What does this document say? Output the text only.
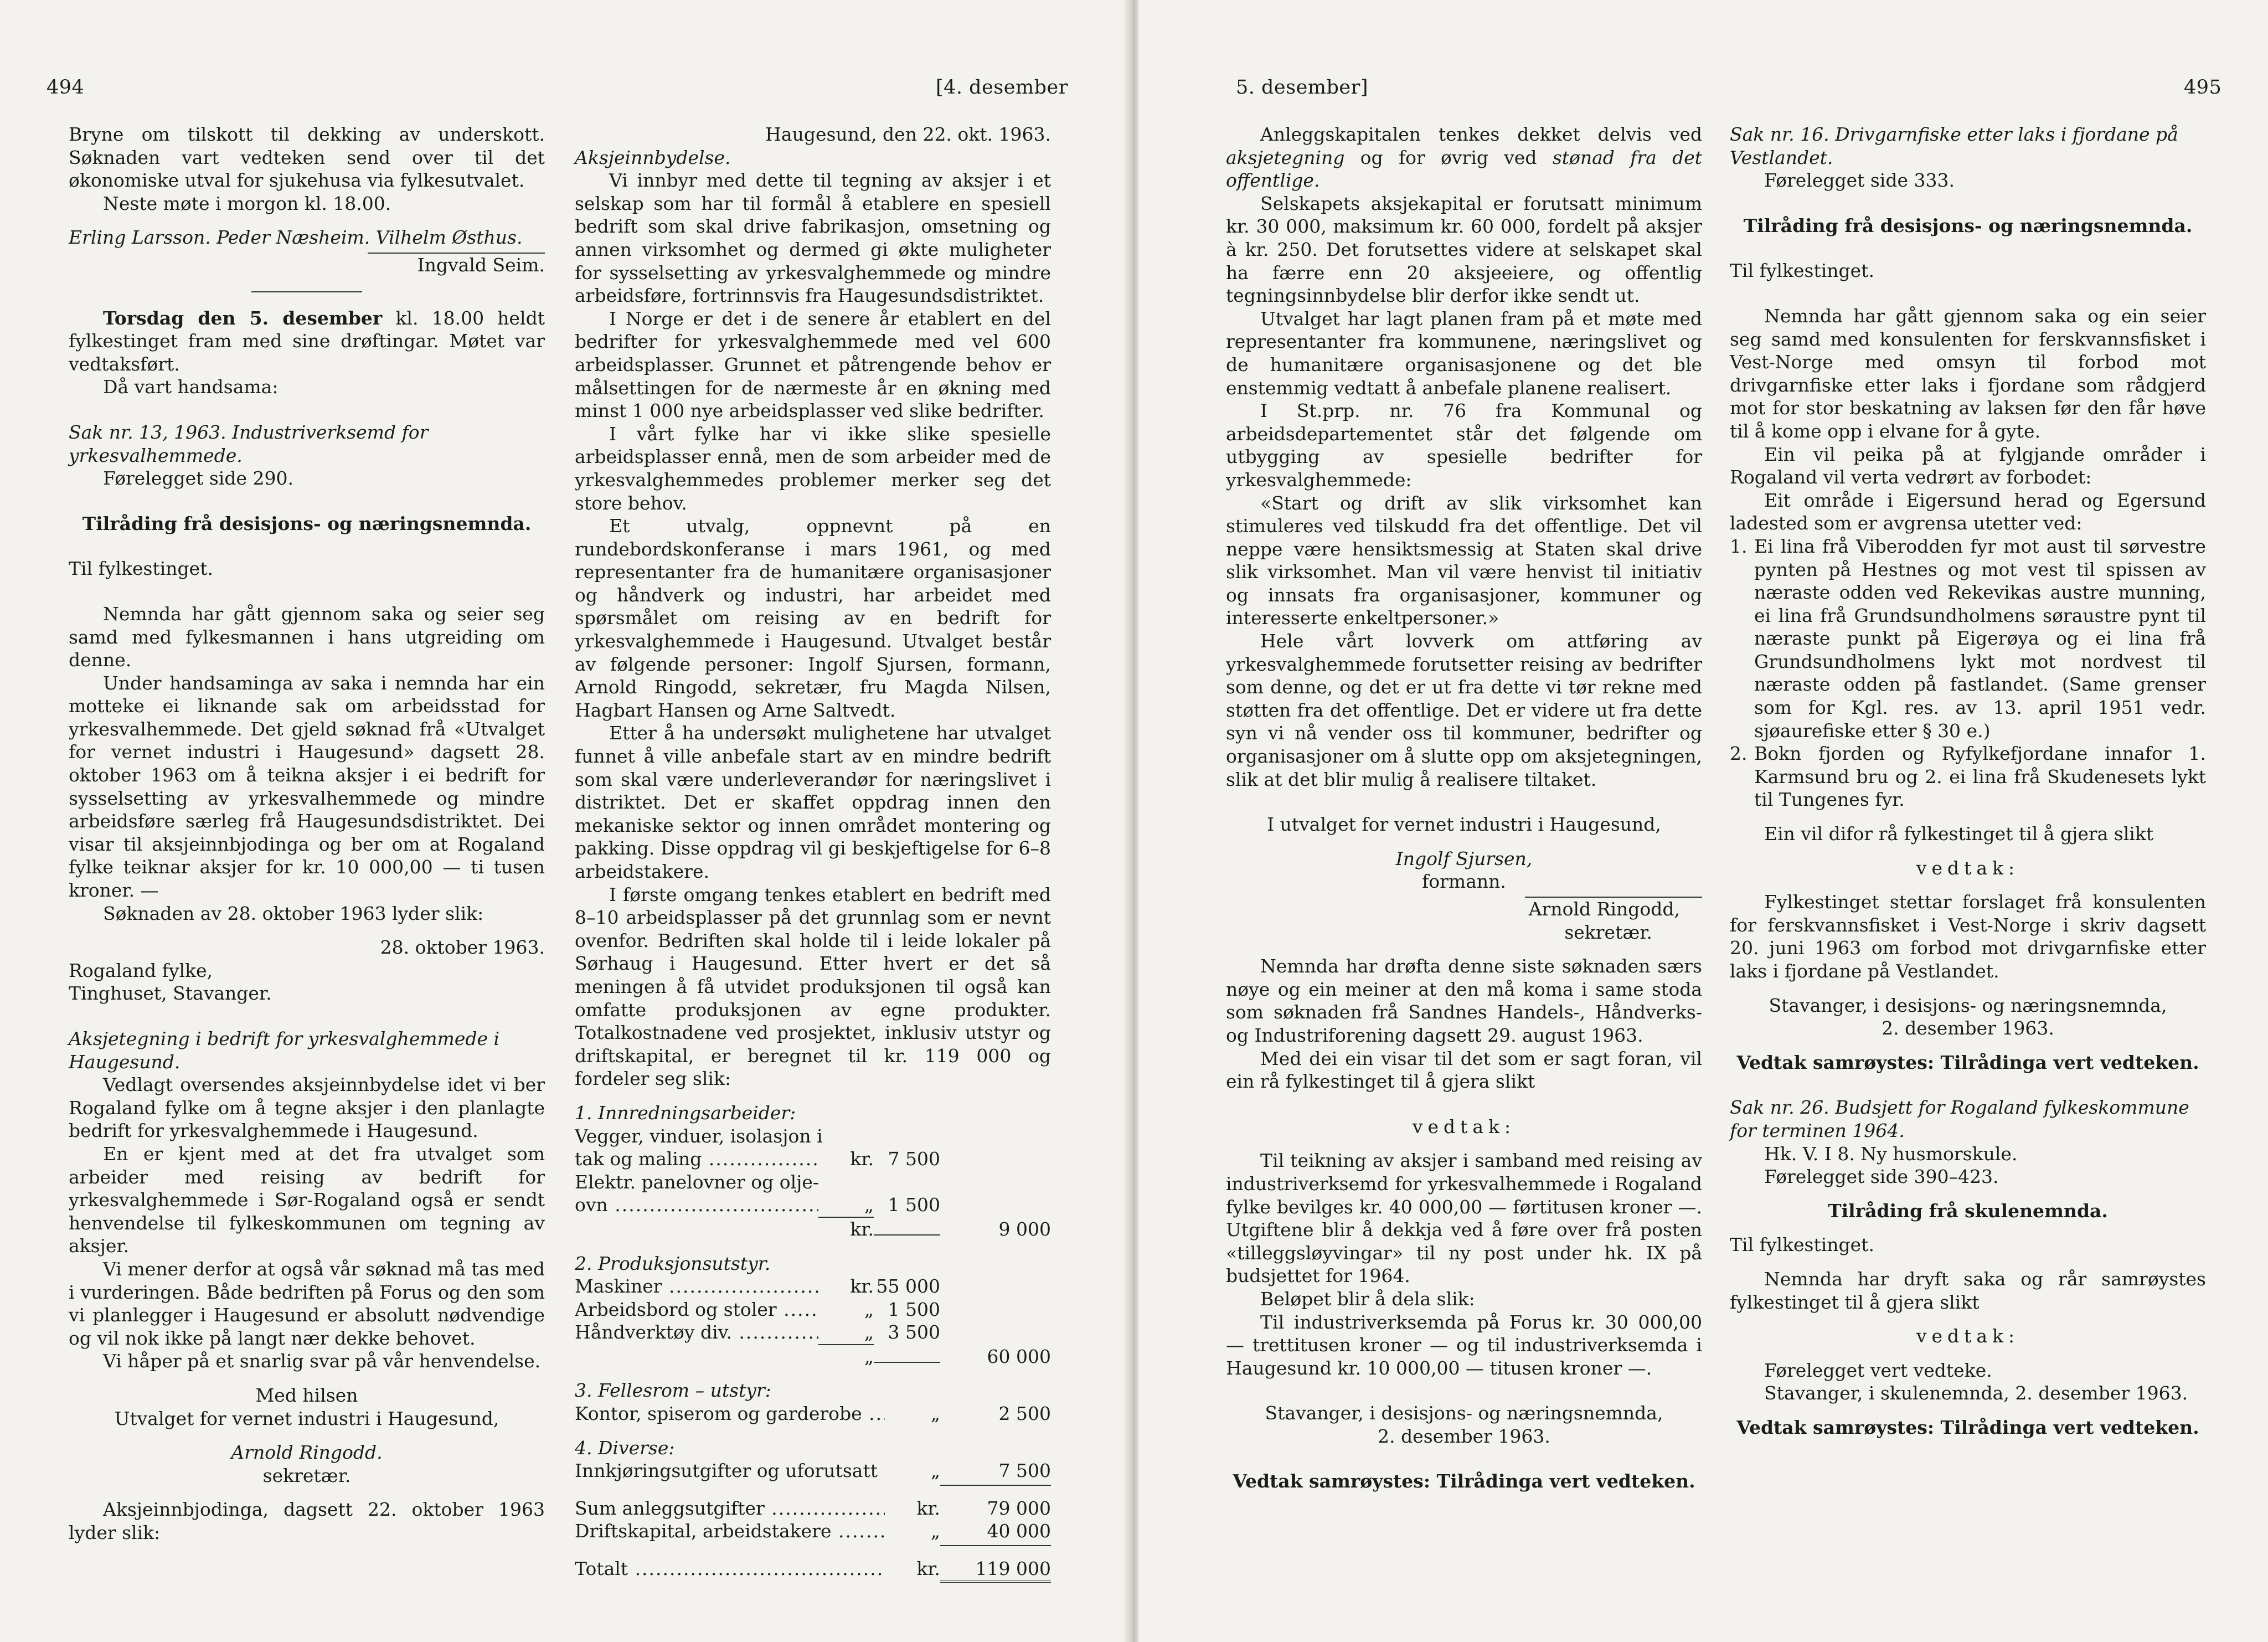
494	[4. desember

Bryne om tilskott til dekking av underskott. Søknaden vart vedteken send over til det økonomiske utval for sjukehusa via fylkesutvalet.

Neste møte i morgon kl. 18.00.

Erling Larsson. Peder Næsheim. Vilhelm Østhus.

Ingvald Seim.

Torsdag den 5. desember kl. 18.00 heldt fylkestinget fram med sine drøftingar. Møtet var vedtaksført.

Då vart handsama:

Sak nr. 13, 1963. Industriverksemd for yrkesvalhemmede.

Førelegget side 290.

Tilråding frå desisjons- og næringsnemnda.

Til fylkestinget.

Nemnda har gått gjennom saka og seier seg samd med fylkesmannen i hans utgreiding om denne.

Under handsaminga av saka i nemnda har ein motteke ei liknande sak om arbeidsstad for yrkesvalhemmede. Det gjeld søknad frå «Utvalget for vernet industri i Haugesund» dagsett 28. oktober 1963 om å teikna aksjer i ei bedrift for sysselsetting av yrkesvalhemmede og mindre arbeidsføre særleg frå Haugesundsdistriktet. Dei visar til aksjeinnbjodinga og ber om at Rogaland fylke teiknar aksjer for kr. 10 000,00 — ti tusen kroner. —

Søknaden av 28. oktober 1963 lyder slik:

28. oktober 1963.

Rogaland fylke,

Tinghuset, Stavanger.

Aksjetegning i bedrift for yrkesvalghemmede i Haugesund.

Vedlagt oversendes aksjeinnbydelse idet vi ber Rogaland fylke om å tegne aksjer i den planlagte bedrift for yrkesvalghemmede i Haugesund.

En er kjent med at det fra utvalget som arbeider med reising av bedrift for yrkesvalghemmede i Sør-Rogaland også er sendt henvendelse til fylkeskommunen om tegning av aksjer.

Vi mener derfor at også vår søknad må tas med i vurderingen. Både bedriften på Forus og den som vi planlegger i Haugesund er absolutt nødvendige og vil nok ikke på langt nær dekke behovet.

Vi håper på et snarlig svar på vår henvendelse.

Med hilsen

Utvalget for vernet industri i Haugesund,

Arnold Ringodd.

sekretær.

Aksjeinnbjodinga, dagsett 22. oktober 1963 lyder slik:

Haugesund, den 22. okt. 1963.

Aksjeinnbydelse.

Vi innbyr med dette til tegning av aksjer i et selskap som har til formål å etablere en spesiell bedrift som skal drive fabrikasjon, omsetning og annen virksomhet og dermed gi økte muligheter for sysselsetting av yrkesvalghemmede og mindre arbeidsføre, fortrinnsvis fra Haugesundsdistriktet.

I Norge er det i de senere år etablert en del bedrifter for yrkesvalghemmede med vel 600 arbeidsplasser. Grunnet et påtrengende behov er målsettingen for de nærmeste år en økning med minst 1 000 nye arbeidsplasser ved slike bedrifter.

I vårt fylke har vi ikke slike spesielle arbeidsplasser ennå, men de som arbeider med de yrkesvalghemmedes problemer merker seg det store behov.

Et utvalg, oppnevnt på en rundebordskonferanse i mars 1961, og med representanter fra de humanitære organisasjoner og håndverk og industri, har arbeidet med spørsmålet om reising av en bedrift for yrkesvalghemmede i Haugesund. Utvalget består av følgende personer: Ingolf Sjursen, formann, Arnold Ringodd, sekretær, fru Magda Nilsen, Hagbart Hansen og Arne Saltvedt.

Etter å ha undersøkt mulighetene har utvalget funnet å ville anbefale start av en mindre bedrift som skal være underleverandør for næringslivet i distriktet. Det er skaffet oppdrag innen den mekaniske sektor og innen området montering og pakking. Disse oppdrag vil gi beskjeftigelse for 6–8 arbeidstakere.

I første omgang tenkes etablert en bedrift med 8–10 arbeidsplasser på det grunnlag som er nevnt ovenfor. Bedriften skal holde til i leide lokaler på Sørhaug i Haugesund. Etter hvert er det så meningen å få utvidet produksjonen til også kan omfatte produksjonen av egne produkter. Totalkostnadene ved prosjektet, inklusiv utstyr og driftskapital, er beregnet til kr. 119 000 og fordeler seg slik:

1. Innredningsarbeider:

Vegger, vinduer, isolasjon i

tak og maling .....	kr. 7 500

Elektr. panelovner og olje-

ovn .....	„ 1 500
kr.	9 000

2. Produksjonsutstyr.

Maskiner .....	kr. 55 000
Arbeidsbord og stoler .....	„ 1 500
Håndverktøy div. .....	„ 3 500
„	60 000

3. Fellesrom – utstyr:

Kontor, spiserom og garderobe .....	„	2 500

4. Diverse:

Innkjøringsutgifter og uforutsatt .....	„	7 500
Sum anleggsutgifter .....	kr.	79 000
Driftskapital, arbeidstakere .....	„	40 000
Totalt .....	kr.	119 000
5. desember]	495

Anleggskapitalen tenkes dekket delvis ved aksjetegning og for øvrig ved stønad fra det offentlige.

Selskapets aksjekapital er forutsatt minimum kr. 30 000, maksimum kr. 60 000, fordelt på aksjer à kr. 250. Det forutsettes videre at selskapet skal ha færre enn 20 aksjeeiere, og offentlig tegningsinnbydelse blir derfor ikke sendt ut.

Utvalget har lagt planen fram på et møte med representanter fra kommunene, næringslivet og de humanitære organisasjonene og det ble enstemmig vedtatt å anbefale planene realisert.

I St.prp. nr. 76 fra Kommunal og arbeidsdepartementet står det følgende om utbygging av spesielle bedrifter for yrkesvalghemmede:

«Start og drift av slik virksomhet kan stimuleres ved tilskudd fra det offentlige. Det vil neppe være hensiktsmessig at Staten skal drive slik virksomhet. Man vil være henvist til initiativ og innsats fra organisasjoner, kommuner og interesserte enkeltpersoner.»

Hele vårt lovverk om attføring av yrkesvalghemmede forutsetter reising av bedrifter som denne, og det er ut fra dette vi tør rekne med støtten fra det offentlige. Det er videre ut fra dette syn vi nå vender oss til kommuner, bedrifter og organisasjoner om å slutte opp om aksjetegningen, slik at det blir mulig å realisere tiltaket.

I utvalget for vernet industri i Haugesund,

Ingolf Sjursen,

formann.

Arnold Ringodd,

sekretær.

Nemnda har drøfta denne siste søknaden særs nøye og ein meiner at den må koma i same stoda som søknaden frå Sandnes Handels-, Håndverks- og Industriforening dagsett 29. august 1963.

Med dei ein visar til det som er sagt foran, vil ein rå fylkestinget til å gjera slikt

vedtak:

Til teikning av aksjer i samband med reising av industriverksemd for yrkesvalhemmede i Rogaland fylke bevilges kr. 40 000,00 — førtitusen kroner —. Utgiftene blir å dekkja ved å føre over frå posten «tilleggsløyvingar» til ny post under hk. IX på budsjettet for 1964.

Beløpet blir å dela slik:

Til industriverksemda på Forus kr. 30 000,00 — trettitusen kroner — og til industriverksemda i Haugesund kr. 10 000,00 — titusen kroner —.

Stavanger, i desisjons- og næringsnemnda,

2. desember 1963.

Vedtak samrøystes: Tilrådinga vert vedteken.

Sak nr. 16. Drivgarnfiske etter laks i fjordane på Vestlandet.

Førelegget side 333.

Tilråding frå desisjons- og næringsnemnda.

Til fylkestinget.

Nemnda har gått gjennom saka og ein seier seg samd med konsulenten for ferskvannsfisket i Vest-Norge med omsyn til forbod mot drivgarnfiske etter laks i fjordane som rådgjerd mot for stor beskatning av laksen før den får høve til å kome opp i elvane for å gyte.

Ein vil peika på at fylgjande områder i Rogaland vil verta vedrørt av forbodet:

Eit område i Eigersund herad og Egersund ladested som er avgrensa utetter ved:

1. Ei lina frå Viberodden fyr mot aust til sørvestre pynten på Hestnes og mot vest til spissen av næraste odden ved Rekevikas austre munning, ei lina frå Grundsundholmens søraustre pynt til næraste punkt på Eigerøya og ei lina frå Grundsundholmens lykt mot nordvest til næraste odden på fastlandet. (Same grenser som for Kgl. res. av 13. april 1951 vedr. sjøaurefiske etter § 30 e.)
2. Bokn fjorden og Ryfylkefjordane innafor 1. Karmsund bru og 2. ei lina frå Skudenesets lykt til Tungenes fyr.

Ein vil difor rå fylkestinget til å gjera slikt

vedtak:

Fylkestinget stettar forslaget frå konsulenten for ferskvannsfisket i Vest-Norge i skriv dagsett 20. juni 1963 om forbod mot drivgarnfiske etter laks i fjordane på Vestlandet.

Stavanger, i desisjons- og næringsnemnda,

2. desember 1963.

Vedtak samrøystes: Tilrådinga vert vedteken.

Sak nr. 26. Budsjett for Rogaland fylkeskommune for terminen 1964.

Hk. V. I 8. Ny husmorskule.

Førelegget side 390–423.

Tilråding frå skulenemnda.

Til fylkestinget.

Nemnda har dryft saka og rår samrøystes fylkestinget til å gjera slikt

vedtak:

Førelegget vert vedteke.

Stavanger, i skulenemnda, 2. desember 1963.

Vedtak samrøystes: Tilrådinga vert vedteken.
